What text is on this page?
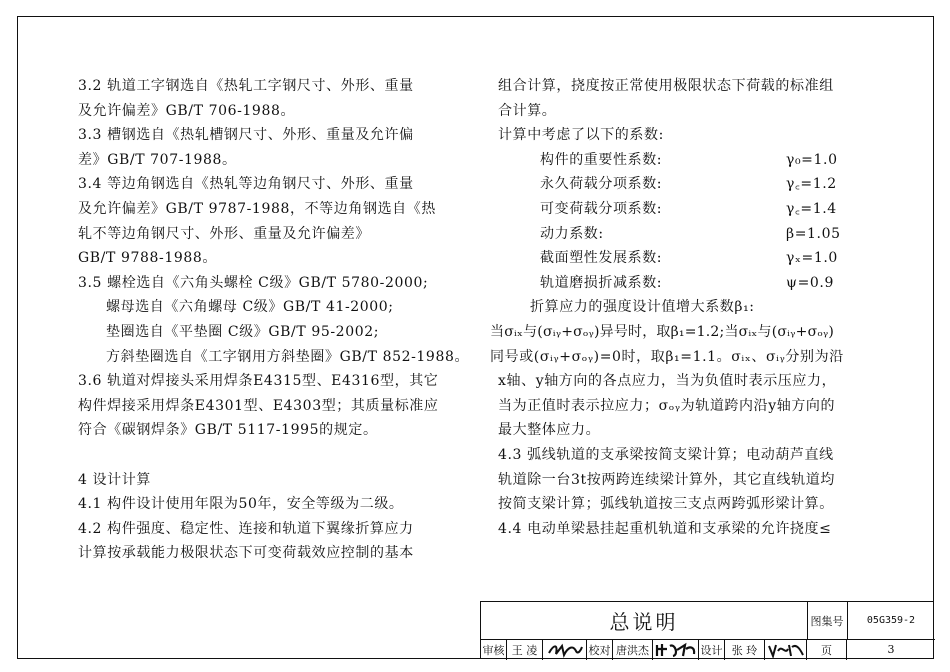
3.2 轨道工字钢选自《热轧工字钢尺寸、外形、重量
及允许偏差》GB/T 706-1988。
3.3 槽钢选自《热轧槽钢尺寸、外形、重量及允许偏
差》GB/T 707-1988。
3.4 等边角钢选自《热轧等边角钢尺寸、外形、重量
及允许偏差》GB/T 9787-1988，不等边角钢选自《热
轧不等边角钢尺寸、外形、重量及允许偏差》
GB/T 9788-1988。
3.5 螺栓选自《六角头螺栓 C级》GB/T 5780-2000;
螺母选自《六角螺母 C级》GB/T 41-2000;
垫圈选自《平垫圈 C级》GB/T 95-2002;
方斜垫圈选自《工字钢用方斜垫圈》GB/T 852-1988。
3.6 轨道对焊接头采用焊条E4315型、E4316型，其它
构件焊接采用焊条E4301型、E4303型；其质量标准应
符合《碳钢焊条》GB/T 5117-1995的规定。
4 设计计算
4.1 构件设计使用年限为50年，安全等级为二级。
4.2 构件强度、稳定性、连接和轨道下翼缘折算应力
计算按承载能力极限状态下可变荷载效应控制的基本
组合计算，挠度按正常使用极限状态下荷载的标准组
合计算。
计算中考虑了以下的系数:
构件的重要性系数:	γ₀=1.0
永久荷载分项系数:	γ꜀=1.2
可变荷载分项系数:	γ꜀=1.4
动力系数:	β=1.05
截面塑性发展系数:	γₓ=1.0
轨道磨损折减系数:	ψ=0.9
折算应力的强度设计值增大系数β₁:
当σᵢₓ与(σᵢᵧ+σₒᵧ)异号时，取β₁=1.2;当σᵢₓ与(σᵢᵧ+σₒᵧ)
同号或(σᵢᵧ+σₒᵧ)=0时，取β₁=1.1。σᵢₓ、σᵢᵧ分别为沿
x轴、y轴方向的各点应力，当为负值时表示压应力，
当为正值时表示拉应力；σₒᵧ为轨道跨内沿y轴方向的
最大整体应力。
4.3 弧线轨道的支承梁按简支梁计算；电动葫芦直线
轨道除一台3t按两跨连续梁计算外，其它直线轨道均
按简支梁计算；弧线轨道按三支点两跨弧形梁计算。
4.4 电动单梁悬挂起重机轨道和支承梁的允许挠度≤
总说明	图集号	05G359-2
审核 王 凌	校对 唐洪杰	设计 张 玲	页	3
